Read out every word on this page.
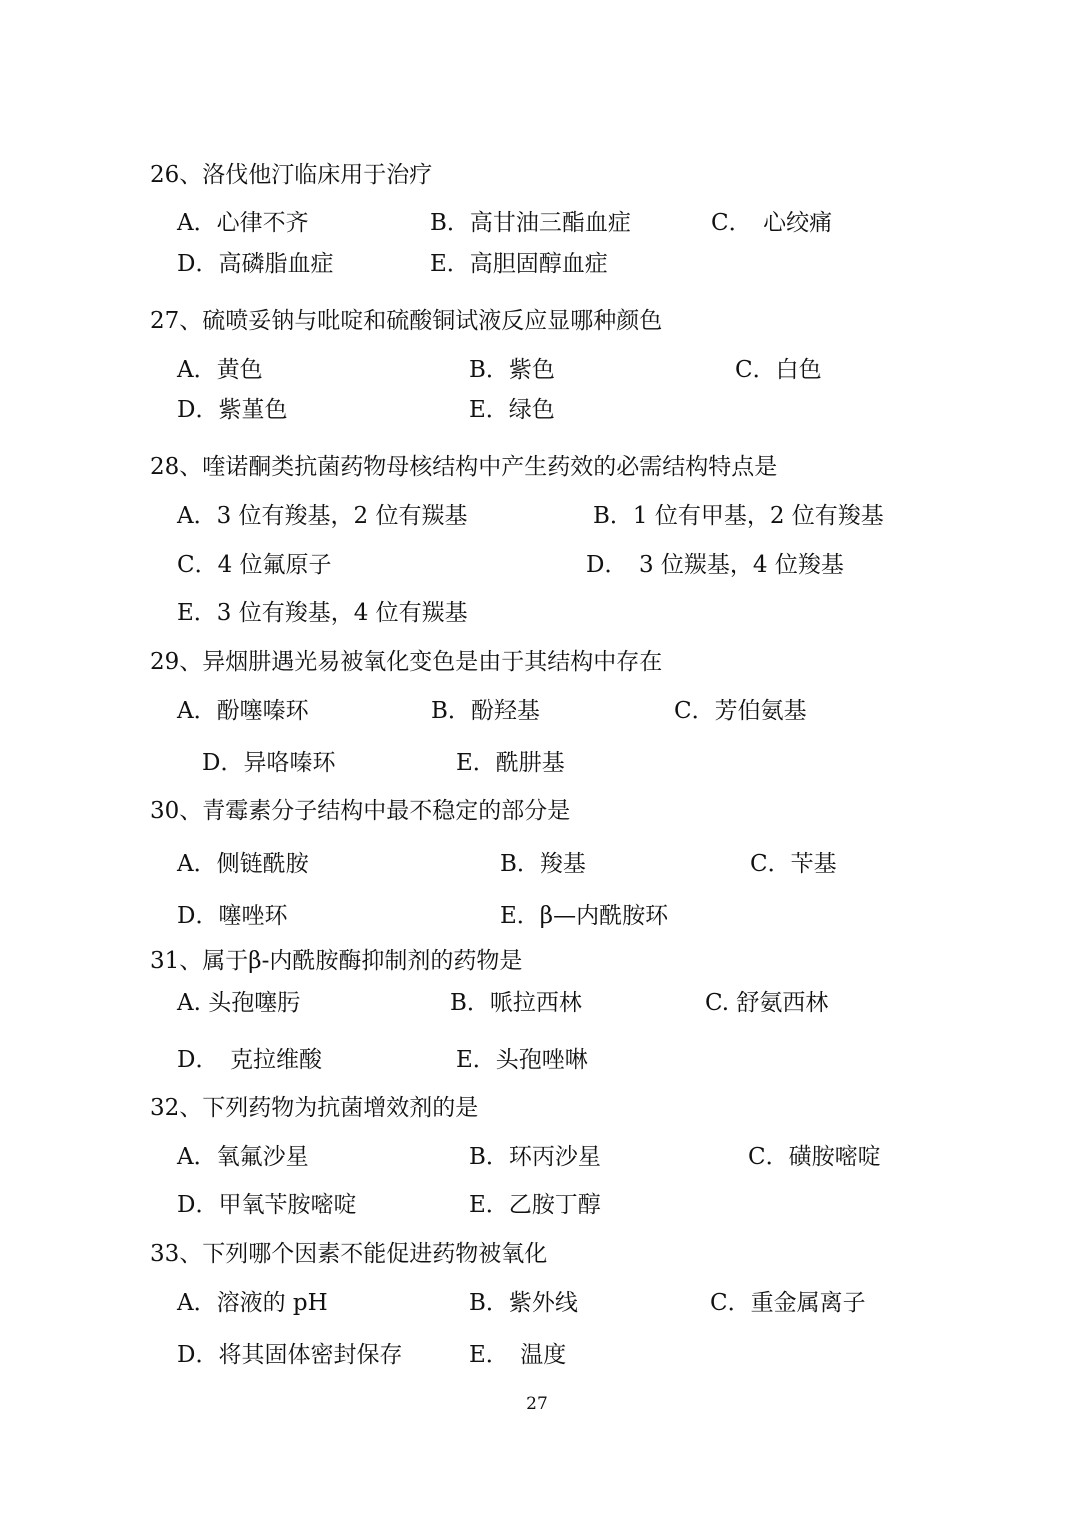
26、洛伐他汀临床用于治疗
A．心律不齐	B．高甘油三酯血症	C．　心绞痛
D．高磷脂血症	E．高胆固醇血症
27、硫喷妥钠与吡啶和硫酸铜试液反应显哪种颜色
A．黄色	B．紫色	C．白色
D．紫堇色	E．绿色
28、喹诺酮类抗菌药物母核结构中产生药效的必需结构特点是
A．3 位有羧基，2 位有羰基	B．1 位有甲基，2 位有羧基
C．4 位氟原子	D．　3 位羰基，4 位羧基
E．3 位有羧基，4 位有羰基
29、异烟肼遇光易被氧化变色是由于其结构中存在
A．酚噻嗪环	B．酚羟基	C．芳伯氨基
D．异咯嗪环	E．酰肼基
30、青霉素分子结构中最不稳定的部分是
A．侧链酰胺	B．羧基	C．苄基
D．噻唑环	E．β—内酰胺环
31、属于β-内酰胺酶抑制剂的药物是
A. 头孢噻肟	B．哌拉西林	C. 舒氨西林
D．　克拉维酸	E．头孢唑啉
32、下列药物为抗菌增效剂的是
A．氧氟沙星	B．环丙沙星	C．磺胺嘧啶
D．甲氧苄胺嘧啶	E．乙胺丁醇
33、下列哪个因素不能促进药物被氧化
A．溶液的 pH	B．紫外线	C．重金属离子
D．将其固体密封保存	E．　温度
27
